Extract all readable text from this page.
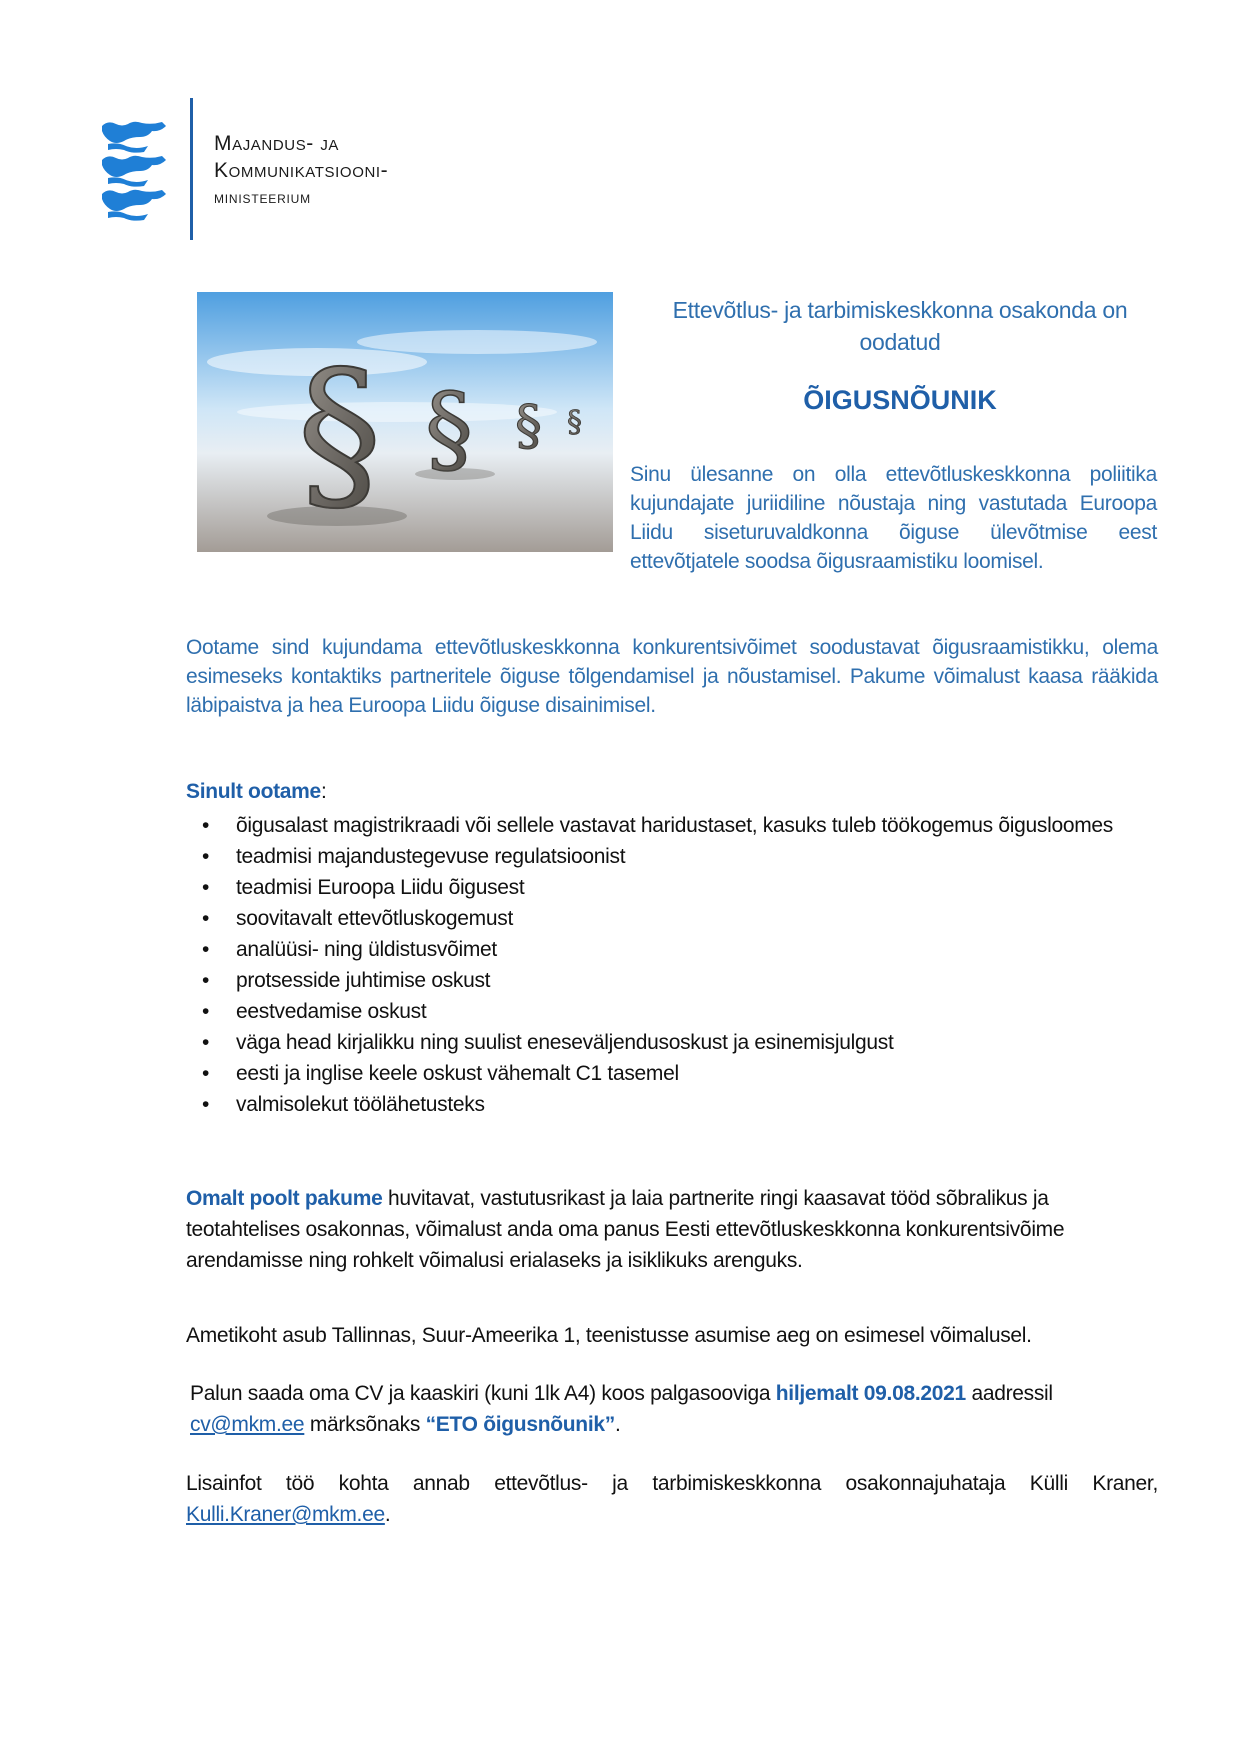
Majandus- ja
Kommunikatsiooni-
ministeerium
§ § § §
Ettevõtlus- ja tarbimiskeskkonna osakonda on oodatud
ÕIGUSNÕUNIK
Sinu ülesanne on olla ettevõtluskeskkonna poliitika kujundajate juriidiline nõustaja ning vastutada Euroopa Liidu siseturuvaldkonna õiguse ülevõtmise eest ettevõtjatele soodsa õigusraamistiku loomisel.
Ootame sind kujundama ettevõtluskeskkonna konkurentsivõimet soodustavat õigusraamistikku, olema esimeseks kontaktiks partneritele õiguse tõlgendamisel ja nõustamisel. Pakume võimalust kaasa rääkida läbipaistva ja hea Euroopa Liidu õiguse disainimisel.
Sinult ootame:
• õigusalast magistrikraadi või sellele vastavat haridustaset, kasuks tuleb töökogemus õigusloomes
• teadmisi majandustegevuse regulatsioonist
• teadmisi Euroopa Liidu õigusest
• soovitavalt ettevõtluskogemust
• analüüsi- ning üldistusvõimet
• protsesside juhtimise oskust
• eestvedamise oskust
• väga head kirjalikku ning suulist eneseväljendusoskust ja esinemisjulgust
• eesti ja inglise keele oskust vähemalt C1 tasemel
• valmisolekut töölähetusteks
Omalt poolt pakume huvitavat, vastutusrikast ja laia partnerite ringi kaasavat tööd sõbralikus ja teotahtelises osakonnas, võimalust anda oma panus Eesti ettevõtluskeskkonna konkurentsivõime arendamisse ning rohkelt võimalusi erialaseks ja isiklikuks arenguks.
Ametikoht asub Tallinnas, Suur-Ameerika 1, teenistusse asumise aeg on esimesel võimalusel.
Palun saada oma CV ja kaaskiri (kuni 1lk A4) koos palgasooviga hiljemalt 09.08.2021 aadressil
cv@mkm.ee märksõnaks “ETO õigusnõunik”.
Lisainfot töö kohta annab ettevõtlus- ja tarbimiskeskkonna osakonnajuhataja Külli Kraner, Kulli.Kraner@mkm.ee.
